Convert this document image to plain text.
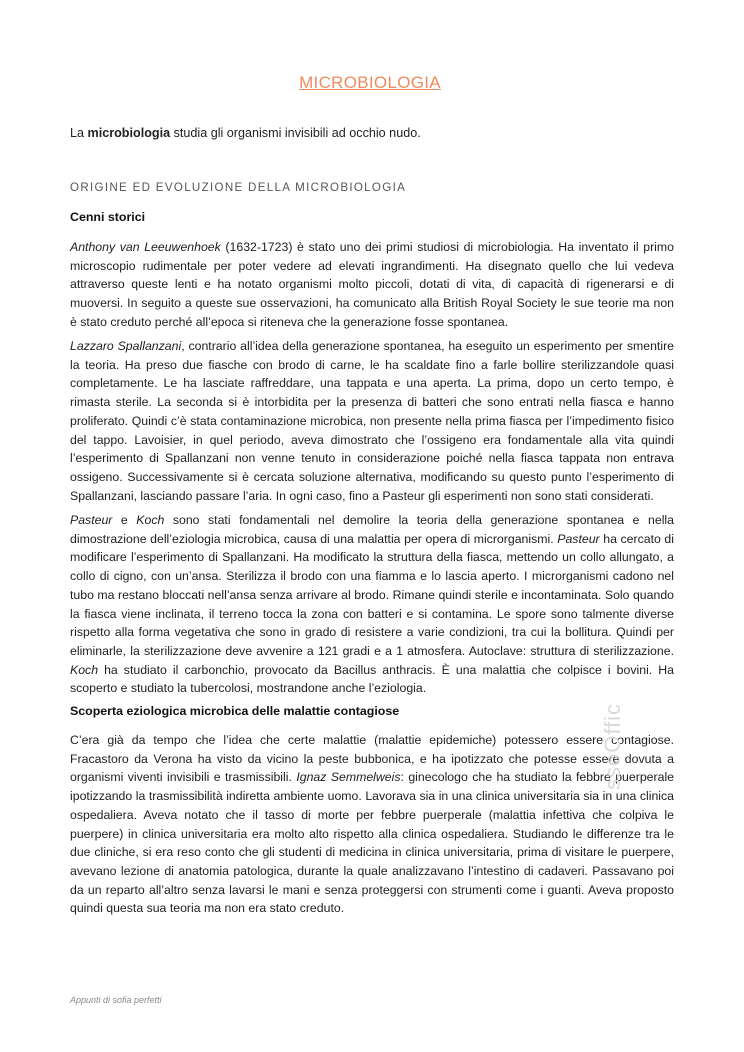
MICROBIOLOGIA
La microbiologia studia gli organismi invisibili ad occhio nudo.
ORIGINE ED EVOLUZIONE DELLA MICROBIOLOGIA
Cenni storici
Anthony van Leeuwenhoek (1632-1723) è stato uno dei primi studiosi di microbiologia. Ha inventato il primo microscopio rudimentale per poter vedere ad elevati ingrandimenti. Ha disegnato quello che lui vedeva attraverso queste lenti e ha notato organismi molto piccoli, dotati di vita, di capacità di rigenerarsi e di muoversi. In seguito a queste sue osservazioni, ha comunicato alla British Royal Society le sue teorie ma non è stato creduto perché all’epoca si riteneva che la generazione fosse spontanea.
Lazzaro Spallanzani, contrario all’idea della generazione spontanea, ha eseguito un esperimento per smentire la teoria. Ha preso due fiasche con brodo di carne, le ha scaldate fino a farle bollire sterilizzandole quasi completamente. Le ha lasciate raffreddare, una tappata e una aperta. La prima, dopo un certo tempo, è rimasta sterile. La seconda si è intorbidita per la presenza di batteri che sono entrati nella fiasca e hanno proliferato. Quindi c’è stata contaminazione microbica, non presente nella prima fiasca per l’impedimento fisico del tappo. Lavoisier, in quel periodo, aveva dimostrato che l’ossigeno era fondamentale alla vita quindi l’esperimento di Spallanzani non venne tenuto in considerazione poiché nella fiasca tappata non entrava ossigeno. Successivamente si è cercata soluzione alternativa, modificando su questo punto l’esperimento di Spallanzani, lasciando passare l’aria. In ogni caso, fino a Pasteur gli esperimenti non sono stati considerati.
Pasteur e Koch sono stati fondamentali nel demolire la teoria della generazione spontanea e nella dimostrazione dell’eziologia microbica, causa di una malattia per opera di microrganismi. Pasteur ha cercato di modificare l’esperimento di Spallanzani. Ha modificato la struttura della fiasca, mettendo un collo allungato, a collo di cigno, con un’ansa. Sterilizza il brodo con una fiamma e lo lascia aperto. I microrganismi cadono nel tubo ma restano bloccati nell’ansa senza arrivare al brodo. Rimane quindi sterile e incontaminata. Solo quando la fiasca viene inclinata, il terreno tocca la zona con batteri e si contamina. Le spore sono talmente diverse rispetto alla forma vegetativa che sono in grado di resistere a varie condizioni, tra cui la bollitura. Quindi per eliminarle, la sterilizzazione deve avvenire a 121 gradi e a 1 atmosfera. Autoclave: struttura di sterilizzazione. Koch ha studiato il carbonchio, provocato da Bacillus anthracis. È una malattia che colpisce i bovini. Ha scoperto e studiato la tubercolosi, mostrandone anche l’eziologia.
Scoperta eziologica microbica delle malattie contagiose
C’era già da tempo che l’idea che certe malattie (malattie epidemiche) potessero essere contagiose. Fracastoro da Verona ha visto da vicino la peste bubbonica, e ha ipotizzato che potesse essere dovuta a organismi viventi invisibili e trasmissibili. Ignaz Semmelweis: ginecologo che ha studiato la febbre puerperale ipotizzando la trasmissibilità indiretta ambiente uomo. Lavorava sia in una clinica universitaria sia in una clinica ospedaliera. Aveva notato che il tasso di morte per febbre puerperale (malattia infettiva che colpiva le puerpere) in clinica universitaria era molto alto rispetto alla clinica ospedaliera. Studiando le differenze tra le due cliniche, si era reso conto che gli studenti di medicina in clinica universitaria, prima di visitare le puerpere, avevano lezione di anatomia patologica, durante la quale analizzavano l’intestino di cadaveri. Passavano poi da un reparto all’altro senza lavarsi le mani e senza proteggersi con strumenti come i guanti. Aveva proposto quindi questa sua teoria ma non era stato creduto.
ssoOffic
Appunti di sofia perfetti
